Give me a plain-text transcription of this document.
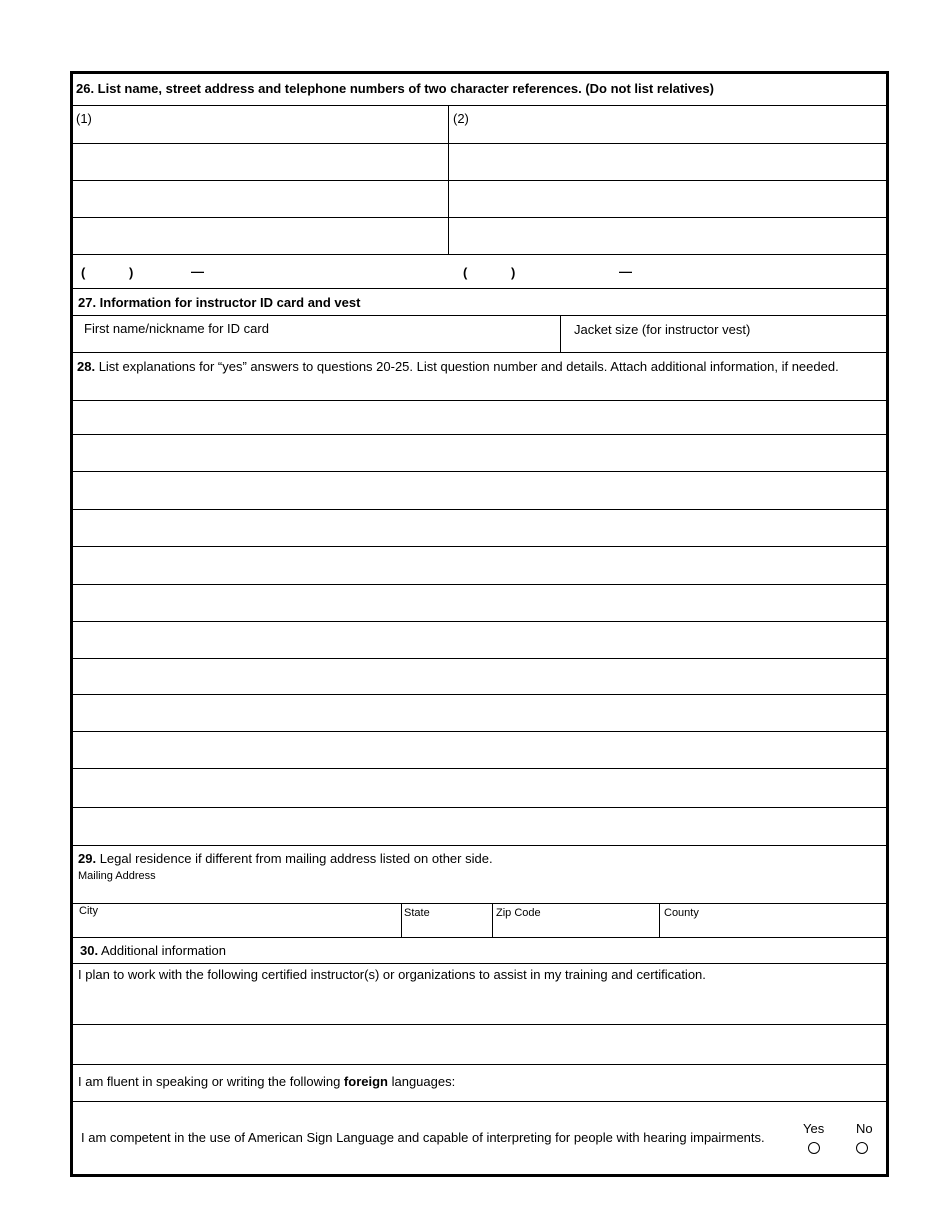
26. List name, street address and telephone numbers of two character references. (Do not list relatives)
(1)	(2)
(	)	—	(	)	—
27. Information for instructor ID card and vest
First name/nickname for ID card	Jacket size (for instructor vest)
28. List explanations for “yes” answers to questions 20-25. List question number and details. Attach additional information, if needed.
29. Legal residence if different from mailing address listed on other side.
Mailing Address
City	State	Zip Code	County
30. Additional information
I plan to work with the following certified instructor(s) or organizations to assist in my training and certification.
I am fluent in speaking or writing the following foreign languages:
I am competent in the use of American Sign Language and capable of interpreting for people with hearing impairments.
Yes No
